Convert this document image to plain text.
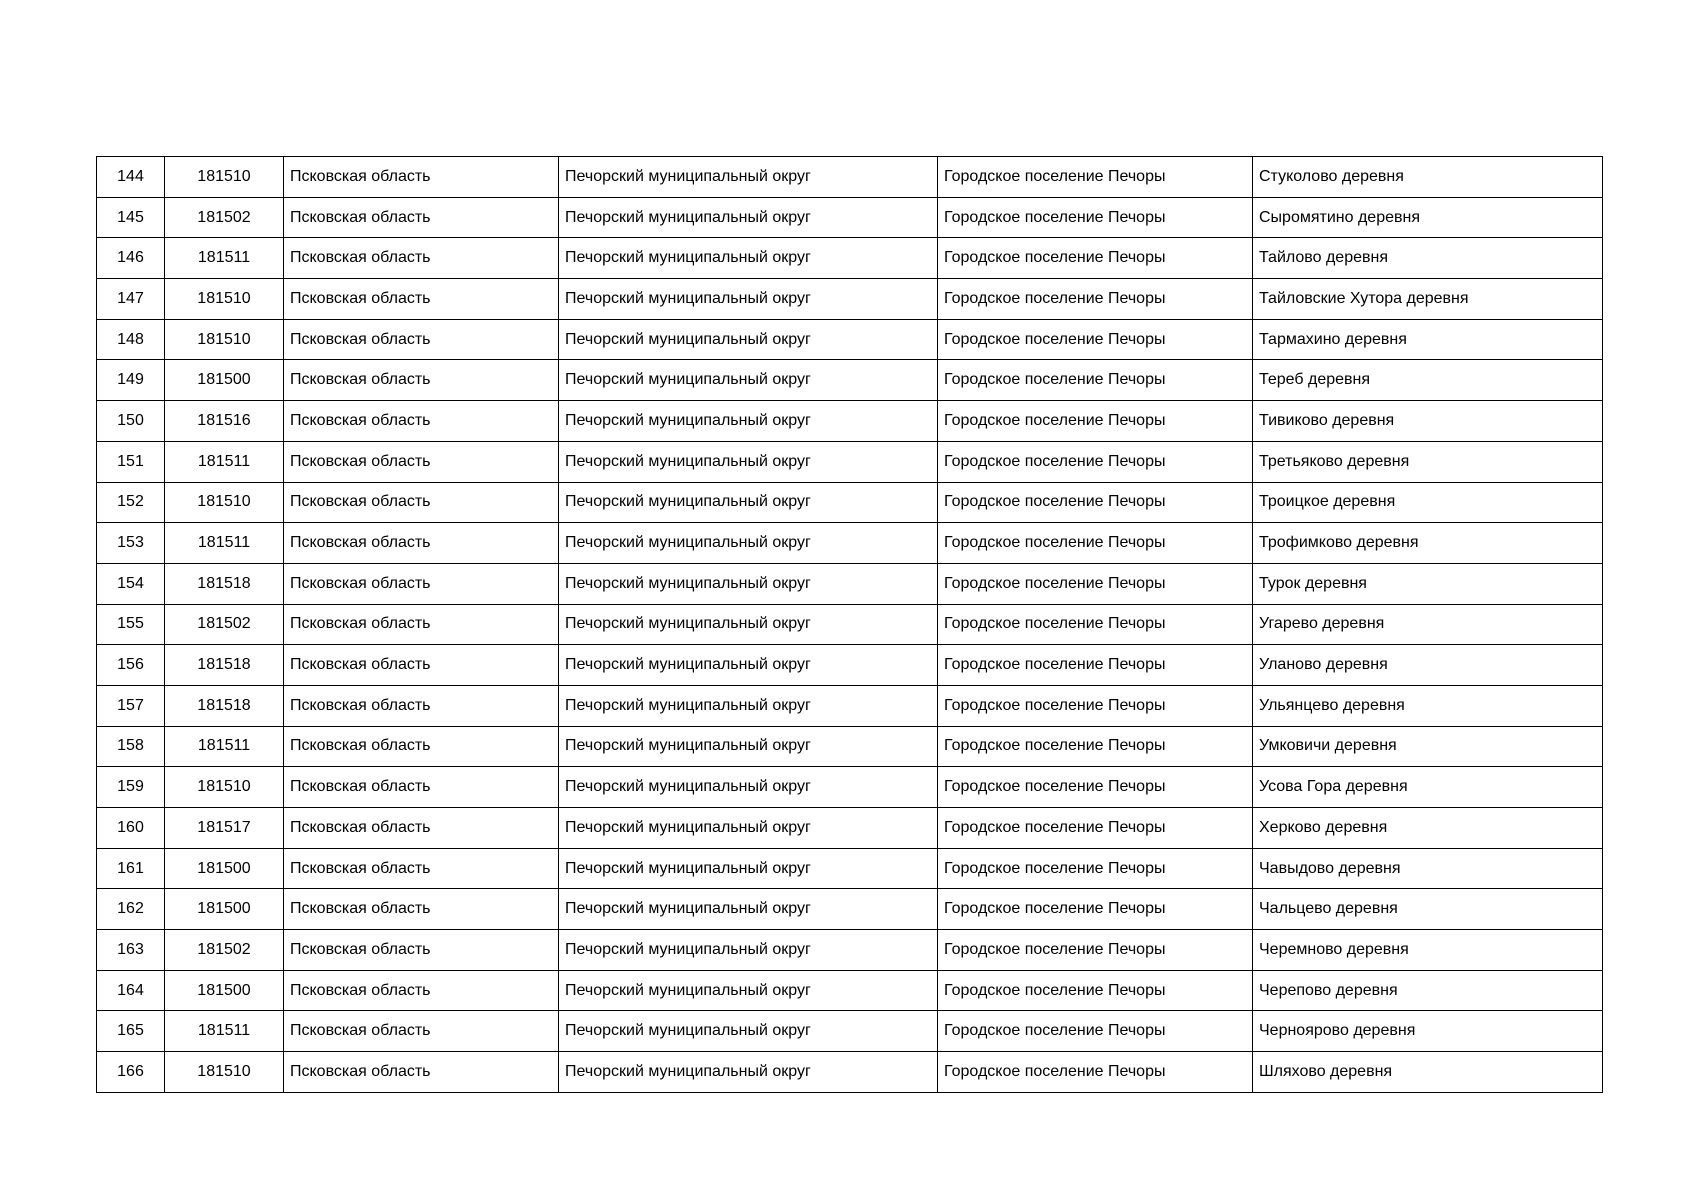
144	181510	Псковская область	Печорский муниципальный округ	Городское поселение Печоры	Стуколово деревня
145	181502	Псковская область	Печорский муниципальный округ	Городское поселение Печоры	Сыромятино деревня
146	181511	Псковская область	Печорский муниципальный округ	Городское поселение Печоры	Тайлово деревня
147	181510	Псковская область	Печорский муниципальный округ	Городское поселение Печоры	Тайловские Хутора деревня
148	181510	Псковская область	Печорский муниципальный округ	Городское поселение Печоры	Тармахино деревня
149	181500	Псковская область	Печорский муниципальный округ	Городское поселение Печоры	Тереб деревня
150	181516	Псковская область	Печорский муниципальный округ	Городское поселение Печоры	Тивиково деревня
151	181511	Псковская область	Печорский муниципальный округ	Городское поселение Печоры	Третьяково деревня
152	181510	Псковская область	Печорский муниципальный округ	Городское поселение Печоры	Троицкое деревня
153	181511	Псковская область	Печорский муниципальный округ	Городское поселение Печоры	Трофимково деревня
154	181518	Псковская область	Печорский муниципальный округ	Городское поселение Печоры	Турок деревня
155	181502	Псковская область	Печорский муниципальный округ	Городское поселение Печоры	Угарево деревня
156	181518	Псковская область	Печорский муниципальный округ	Городское поселение Печоры	Уланово деревня
157	181518	Псковская область	Печорский муниципальный округ	Городское поселение Печоры	Ульянцево деревня
158	181511	Псковская область	Печорский муниципальный округ	Городское поселение Печоры	Умковичи деревня
159	181510	Псковская область	Печорский муниципальный округ	Городское поселение Печоры	Усова Гора деревня
160	181517	Псковская область	Печорский муниципальный округ	Городское поселение Печоры	Херково деревня
161	181500	Псковская область	Печорский муниципальный округ	Городское поселение Печоры	Чавыдово деревня
162	181500	Псковская область	Печорский муниципальный округ	Городское поселение Печоры	Чальцево деревня
163	181502	Псковская область	Печорский муниципальный округ	Городское поселение Печоры	Черемново деревня
164	181500	Псковская область	Печорский муниципальный округ	Городское поселение Печоры	Черепово деревня
165	181511	Псковская область	Печорский муниципальный округ	Городское поселение Печоры	Черноярово деревня
166	181510	Псковская область	Печорский муниципальный округ	Городское поселение Печоры	Шляхово деревня
